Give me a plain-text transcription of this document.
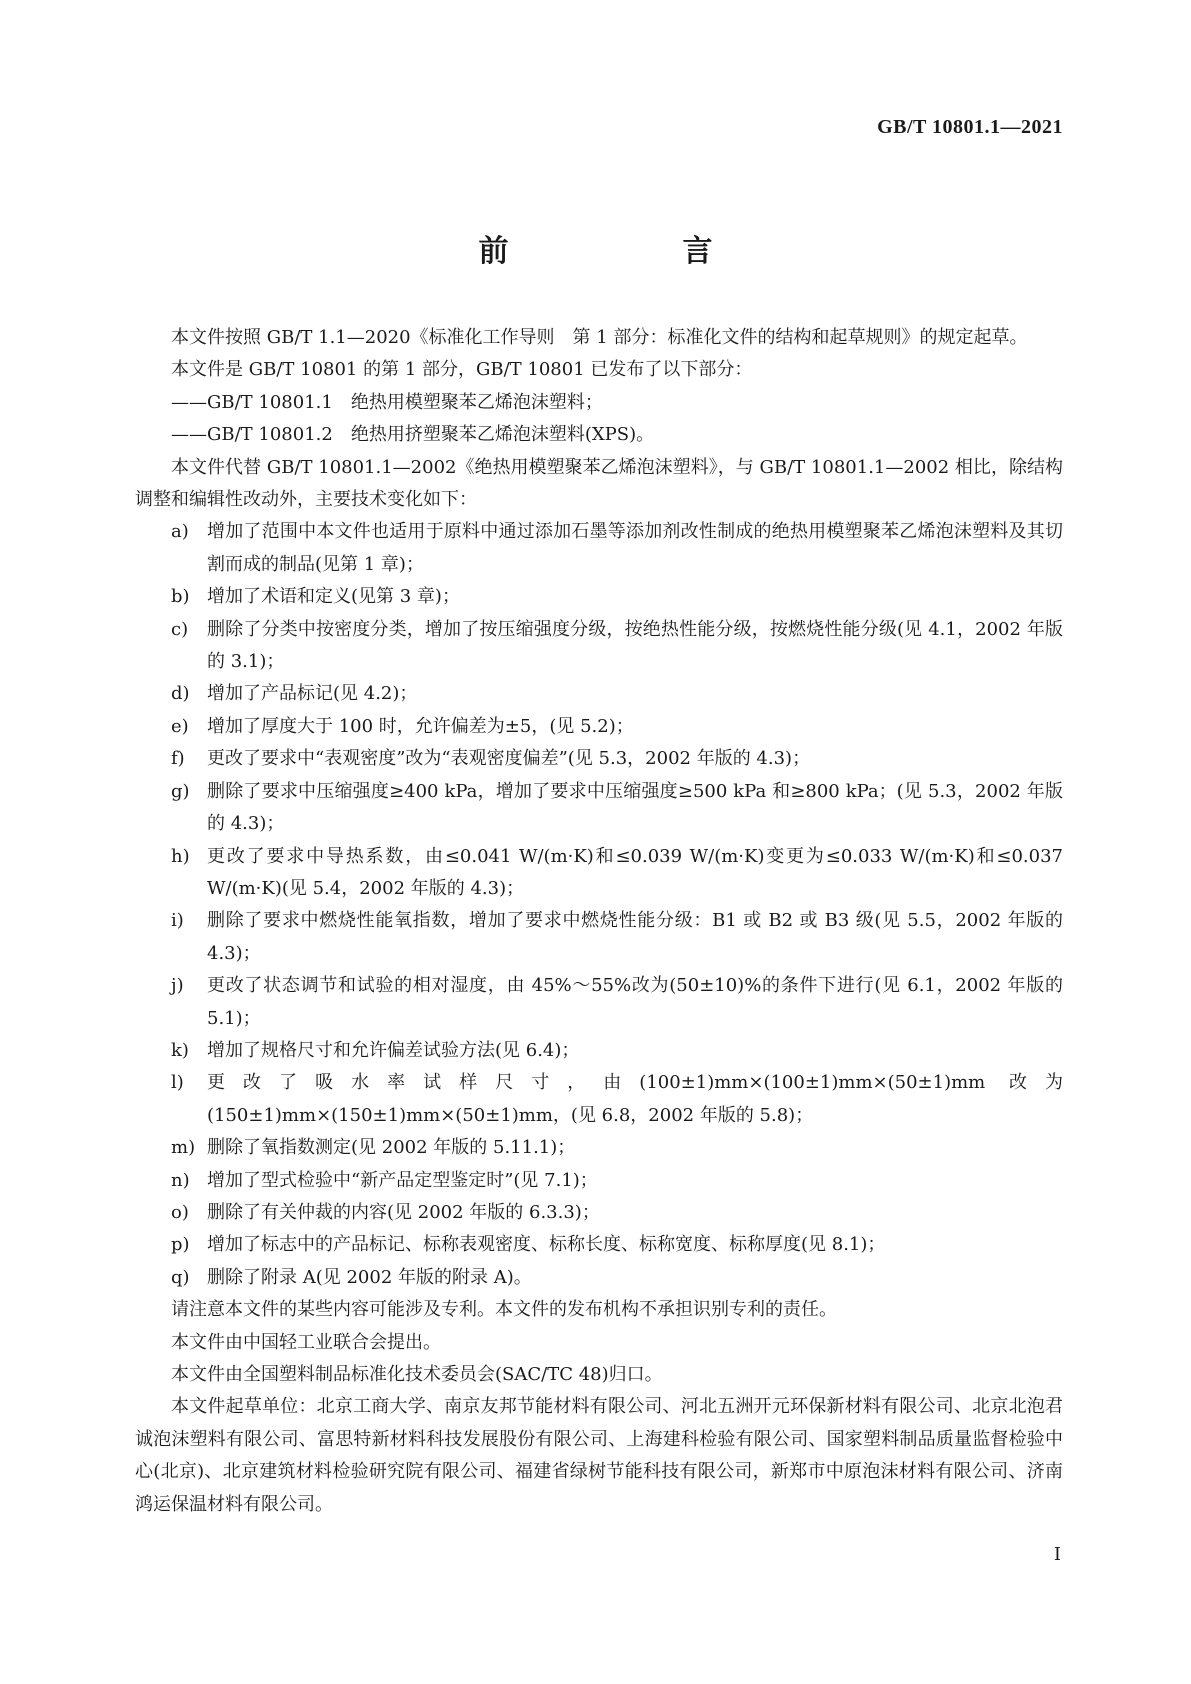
GB/T 10801.1—2021
前　　言

本文件按照 GB/T 1.1—2020《标准化工作导则　第 1 部分：标准化文件的结构和起草规则》的规定起草。

本文件是 GB/T 10801 的第 1 部分，GB/T 10801 已发布了以下部分：

——GB/T 10801.1　绝热用模塑聚苯乙烯泡沫塑料；

——GB/T 10801.2　绝热用挤塑聚苯乙烯泡沫塑料(XPS)。

本文件代替 GB/T 10801.1—2002《绝热用模塑聚苯乙烯泡沫塑料》，与 GB/T 10801.1—2002 相比，除结构调整和编辑性改动外，主要技术变化如下：

a)	增加了范围中本文件也适用于原料中通过添加石墨等添加剂改性制成的绝热用模塑聚苯乙烯泡沫塑料及其切割而成的制品(见第 1 章)；
b) 增加了术语和定义(见第 3 章)；
c)	删除了分类中按密度分类，增加了按压缩强度分级，按绝热性能分级，按燃烧性能分级(见 4.1，2002 年版的 3.1)；
d) 增加了产品标记(见 4.2)；
e)	增加了厚度大于 100 时，允许偏差为±5，(见 5.2)；
f)	更改了要求中“表观密度”改为“表观密度偏差”(见 5.3，2002 年版的 4.3)；
g) 删除了要求中压缩强度≥400 kPa，增加了要求中压缩强度≥500 kPa 和≥800 kPa；(见 5.3，2002 年版的 4.3)；
h) 更改了要求中导热系数，由≤0.041 W/(m·K)和≤0.039 W/(m·K)变更为≤0.033 W/(m·K)和≤0.037 W/(m·K)(见 5.4，2002 年版的 4.3)；
i)	删除了要求中燃烧性能氧指数，增加了要求中燃烧性能分级：B1 或 B2 或 B3 级(见 5.5，2002 年版的 4.3)；
j)	更改了状态调节和试验的相对湿度，由 45%～55%改为(50±10)%的条件下进行(见 6.1，2002 年版的 5.1)；
k)	增加了规格尺寸和允许偏差试验方法(见 6.4)；
l)	更改了吸水率试样尺寸，由(100±1)mm×(100±1)mm×(50±1)mm 改为(150±1)mm×(150±1)mm×(50±1)mm，(见 6.8，2002 年版的 5.8)；
m) 删除了氧指数测定(见 2002 年版的 5.11.1)；
n) 增加了型式检验中“新产品定型鉴定时”(见 7.1)；
o)	删除了有关仲裁的内容(见 2002 年版的 6.3.3)；
p) 增加了标志中的产品标记、标称表观密度、标称长度、标称宽度、标称厚度(见 8.1)；
q) 删除了附录 A(见 2002 年版的附录 A)。

请注意本文件的某些内容可能涉及专利。本文件的发布机构不承担识别专利的责任。

本文件由中国轻工业联合会提出。

本文件由全国塑料制品标准化技术委员会(SAC/TC 48)归口。

本文件起草单位：北京工商大学、南京友邦节能材料有限公司、河北五洲开元环保新材料有限公司、北京北泡君诚泡沫塑料有限公司、富思特新材料科技发展股份有限公司、上海建科检验有限公司、国家塑料制品质量监督检验中心(北京)、北京建筑材料检验研究院有限公司、福建省绿树节能科技有限公司，新郑市中原泡沫材料有限公司、济南鸿运保温材料有限公司。

I
